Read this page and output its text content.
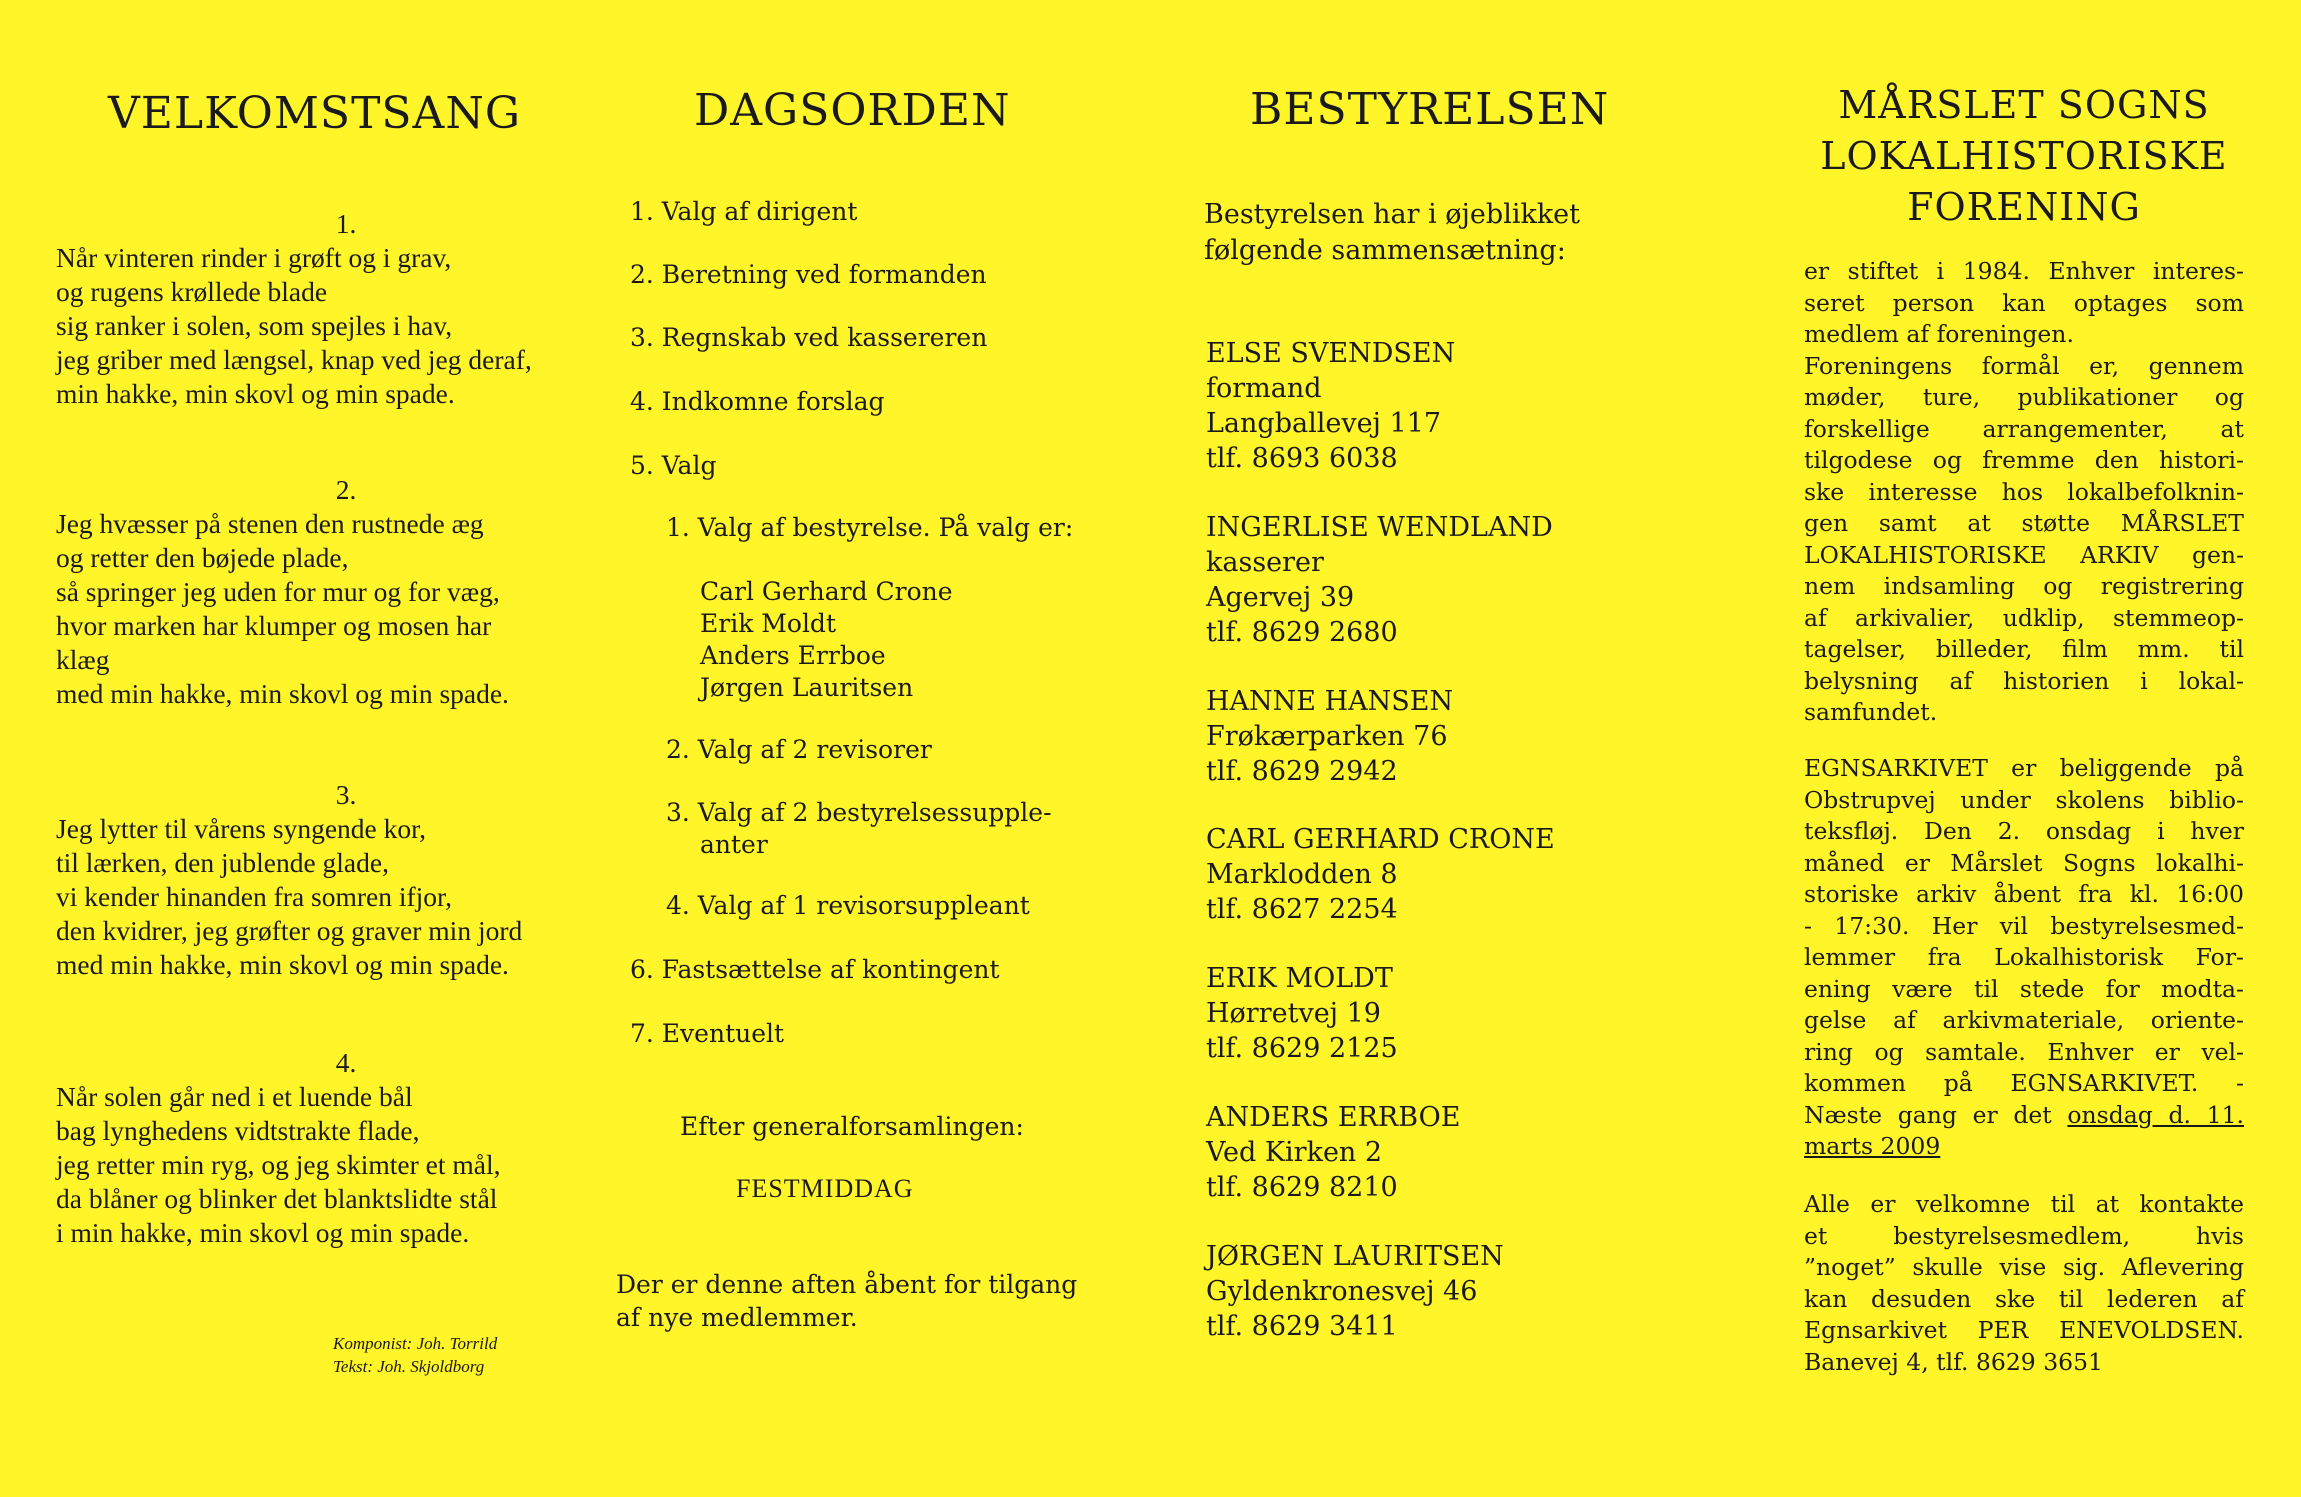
VELKOMSTSANG
1.
Når vinteren rinder i grøft og i grav,
og rugens krøllede blade
sig ranker i solen, som spejles i hav,
jeg griber med længsel, knap ved jeg deraf,
min hakke, min skovl og min spade.
2.
Jeg hvæsser på stenen den rustnede æg
og retter den bøjede plade,
så springer jeg uden for mur og for væg,
hvor marken har klumper og mosen har
klæg
med min hakke, min skovl og min spade.
3.
Jeg lytter til vårens syngende kor,
til lærken, den jublende glade,
vi kender hinanden fra somren ifjor,
den kvidrer, jeg grøfter og graver min jord
med min hakke, min skovl og min spade.
4.
Når solen går ned i et luende bål
bag lynghedens vidtstrakte flade,
jeg retter min ryg, og jeg skimter et mål,
da blåner og blinker det blanktslidte stål
i min hakke, min skovl og min spade.
Komponist: Joh. Torrild
Tekst: Joh. Skjoldborg
DAGSORDEN
1. Valg af dirigent
2. Beretning ved formanden
3. Regnskab ved kassereren
4. Indkomne forslag
5. Valg
1. Valg af bestyrelse. På valg er:
Carl Gerhard Crone
Erik Moldt
Anders Errboe
Jørgen Lauritsen
2. Valg af 2 revisorer
3. Valg af 2 bestyrelsessupple-
anter
4. Valg af 1 revisorsuppleant
6. Fastsættelse af kontingent
7. Eventuelt
Efter generalforsamlingen:
FESTMIDDAG
Der er denne aften åbent for tilgang
af nye medlemmer.
BESTYRELSEN
Bestyrelsen har i øjeblikket
følgende sammensætning:
ELSE SVENDSEN
formand
Langballevej 117
tlf. 8693 6038
INGERLISE WENDLAND
kasserer
Agervej 39
tlf. 8629 2680
HANNE HANSEN
Frøkærparken 76
tlf. 8629 2942
CARL GERHARD CRONE
Marklodden 8
tlf. 8627 2254
ERIK MOLDT
Hørretvej 19
tlf. 8629 2125
ANDERS ERRBOE
Ved Kirken 2
tlf. 8629 8210
JØRGEN LAURITSEN
Gyldenkronesvej 46
tlf. 8629 3411
MÅRSLET SOGNS
LOKALHISTORISKE
FORENING
er stiftet i 1984. Enhver interes-
seret person kan optages som
medlem af foreningen.
Foreningens formål er, gennem
møder, ture, publikationer og
forskellige arrangementer, at
tilgodese og fremme den histori-
ske interesse hos lokalbefolknin-
gen samt at støtte MÅRSLET
LOKALHISTORISKE ARKIV gen-
nem indsamling og registrering
af arkivalier, udklip, stemmeop-
tagelser, billeder, film mm. til
belysning af historien i lokal-
samfundet.
EGNSARKIVET er beliggende på
Obstrupvej under skolens biblio-
teksfløj. Den 2. onsdag i hver
måned er Mårslet Sogns lokalhi-
storiske arkiv åbent fra kl. 16:00
- 17:30. Her vil bestyrelsesmed-
lemmer fra Lokalhistorisk For-
ening være til stede for modta-
gelse af arkivmateriale, oriente-
ring og samtale. Enhver er vel-
kommen på EGNSARKIVET. -
Næste gang er det onsdag d. 11.
marts 2009
Alle er velkomne til at kontakte
et bestyrelsesmedlem, hvis
”noget” skulle vise sig. Aflevering
kan desuden ske til lederen af
Egnsarkivet PER ENEVOLDSEN.
Banevej 4, tlf. 8629 3651
